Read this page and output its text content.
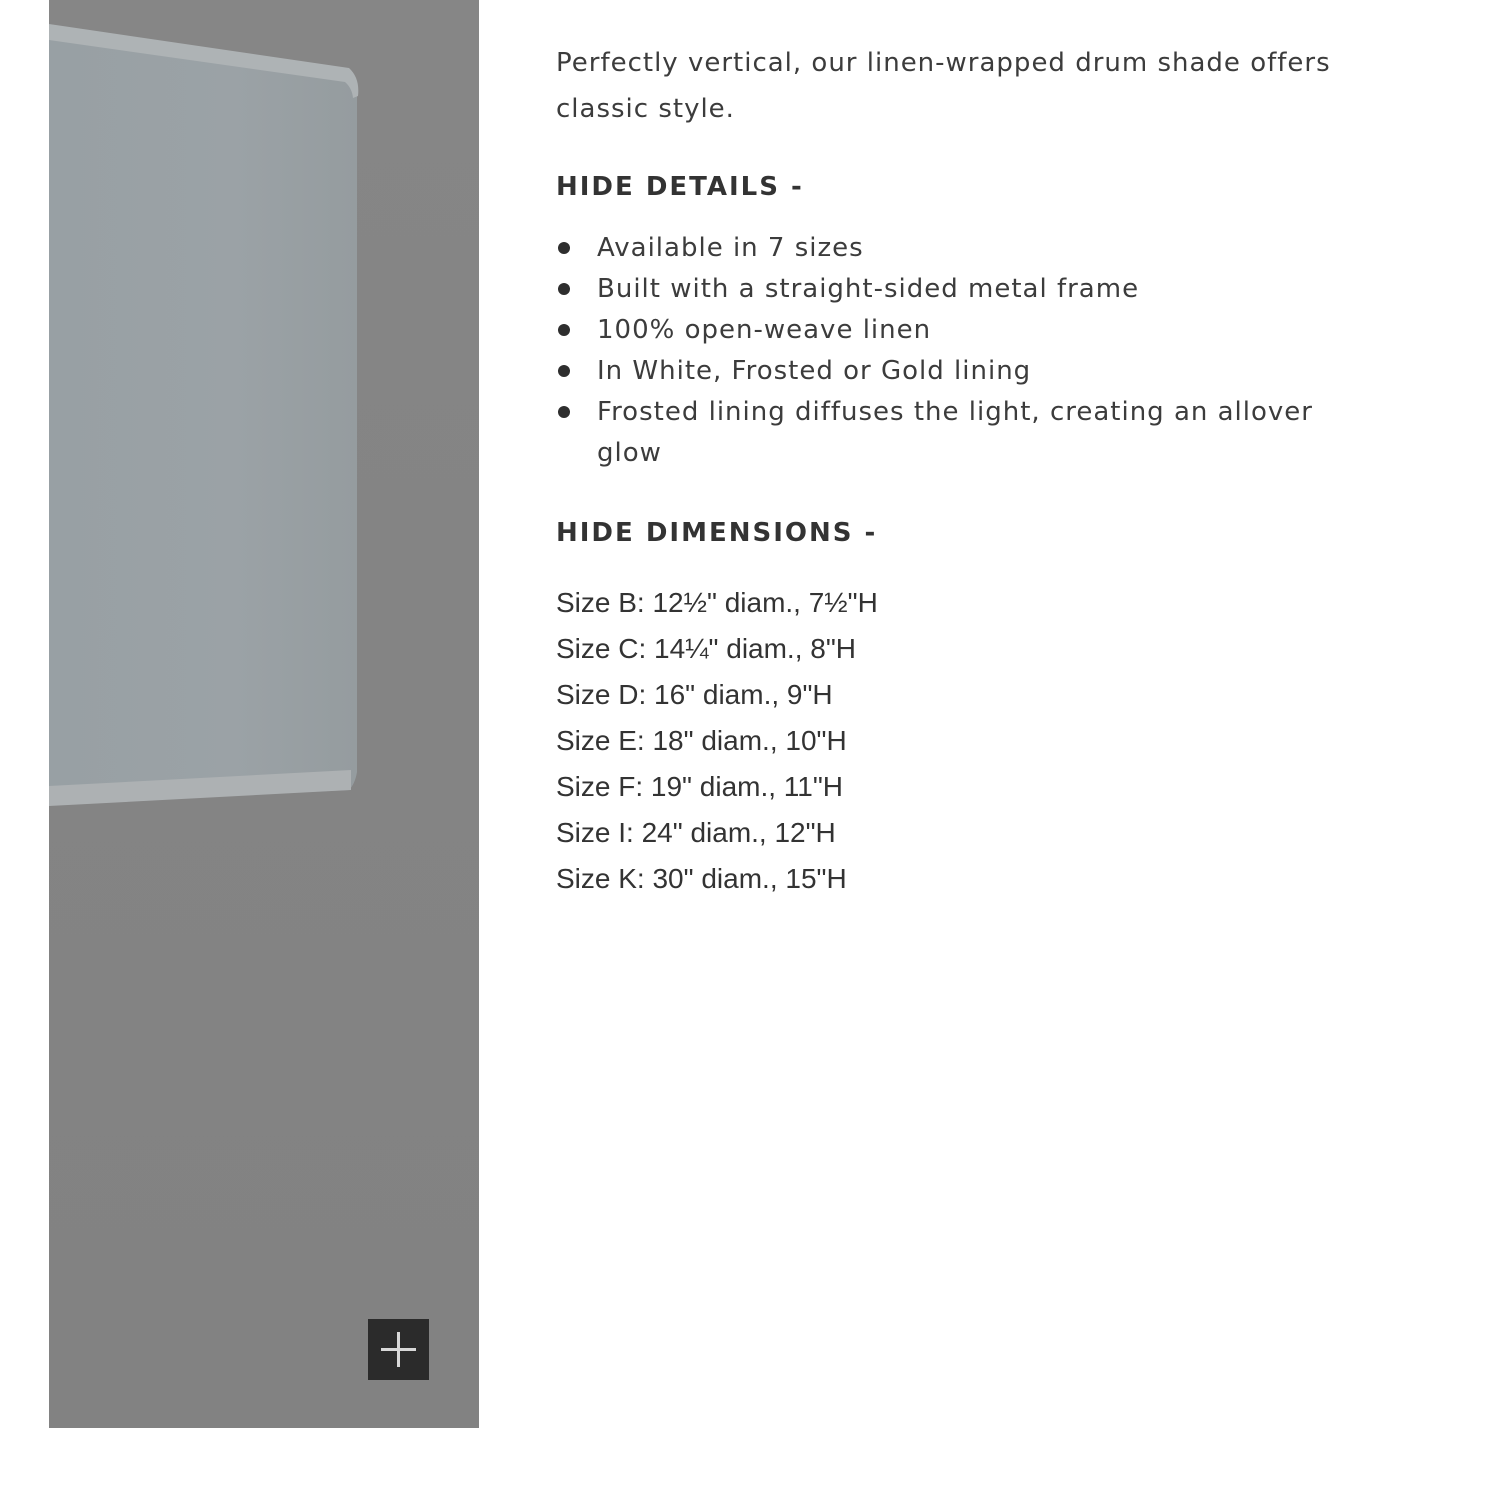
Perfectly vertical, our linen-wrapped drum shade offers classic style.

HIDE DETAILS -
Available in 7 sizes
Built with a straight-sided metal frame
100% open-weave linen
In White, Frosted or Gold lining
Frosted lining diffuses the light, creating an allover glow
HIDE DIMENSIONS -
Size B: 12½" diam., 7½"H
Size C: 14¼" diam., 8"H
Size D: 16" diam., 9"H
Size E: 18" diam., 10"H
Size F: 19" diam., 11"H
Size I: 24" diam., 12"H
Size K: 30" diam., 15"H
